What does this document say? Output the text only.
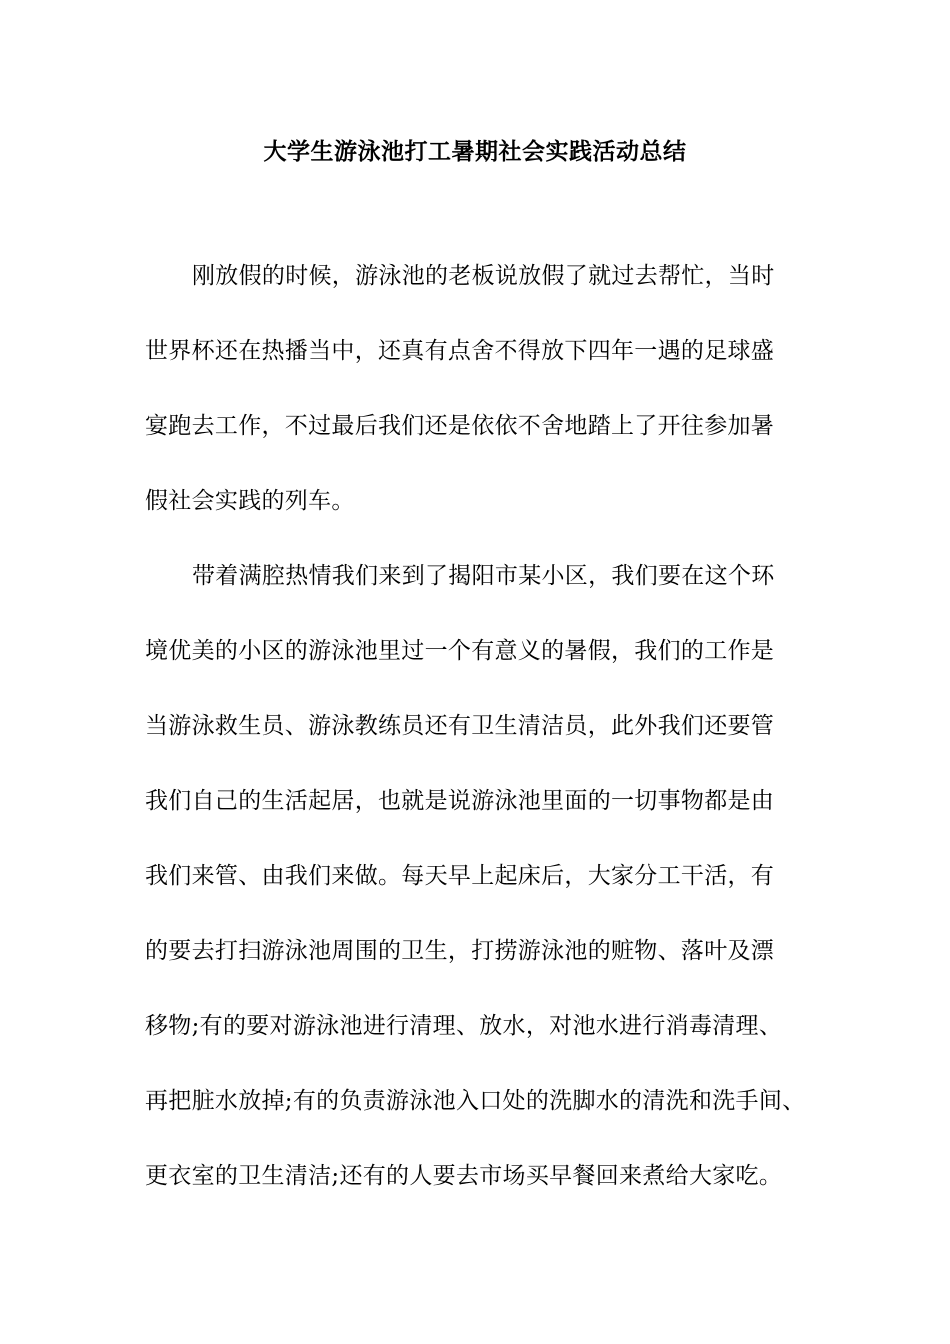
大学生游泳池打工暑期社会实践活动总结
刚放假的时候，游泳池的老板说放假了就过去帮忙，当时
世界杯还在热播当中，还真有点舍不得放下四年一遇的足球盛
宴跑去工作，不过最后我们还是依依不舍地踏上了开往参加暑
假社会实践的列车。
带着满腔热情我们来到了揭阳市某小区，我们要在这个环
境优美的小区的游泳池里过一个有意义的暑假，我们的工作是
当游泳救生员、游泳教练员还有卫生清洁员，此外我们还要管
我们自己的生活起居，也就是说游泳池里面的一切事物都是由
我们来管、由我们来做。每天早上起床后，大家分工干活，有
的要去打扫游泳池周围的卫生，打捞游泳池的赃物、落叶及漂
移物;有的要对游泳池进行清理、放水，对池水进行消毒清理、
再把脏水放掉;有的负责游泳池入口处的洗脚水的清洗和洗手间、
更衣室的卫生清洁;还有的人要去市场买早餐回来煮给大家吃。
